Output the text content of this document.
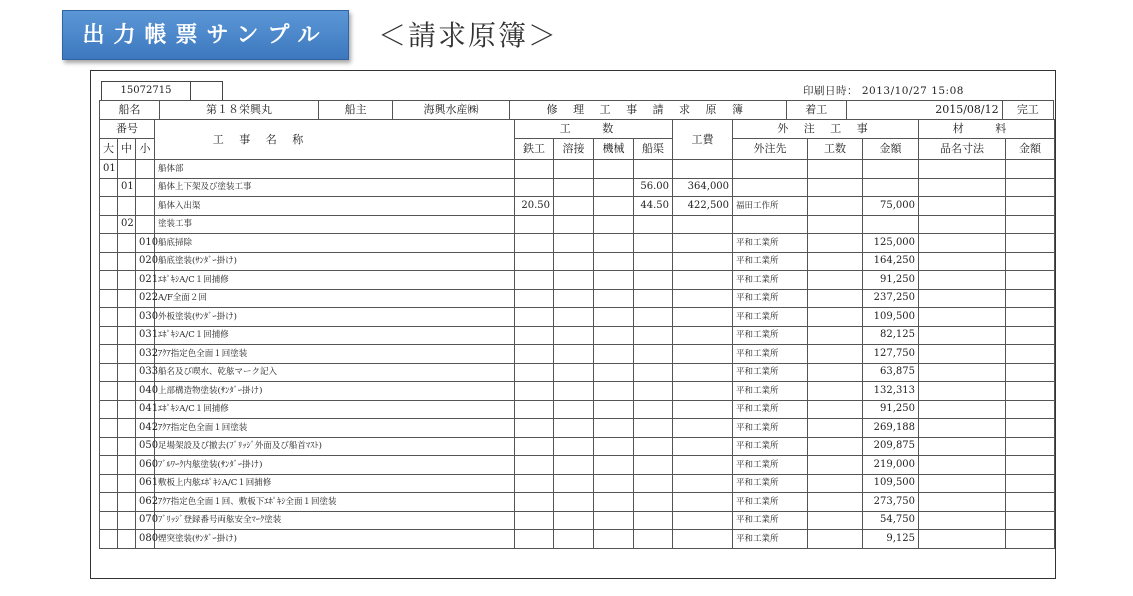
出力帳票サンプル	＜請求原簿＞
15072715	印刷日時： 2013/10/27 15:08
船名	第１８栄興丸	船主	海興水産㈱	修 理 工 事 請 求 原 簿	着工	2015/08/12	完工
番号			工 事 名 称	工 数				工費	外 注 工 事			材 料	
大	中	小		鉄工	溶接	機械	船渠		外注先	工数	金額	品名寸法	金額
01			船体部										
	01		船体上下架及び塗装工事				56.00	364,000					
			船体入出渠	20.50			44.50	422,500	福田工作所		75,000		
	02		塗装工事										
		010	船底掃除						平和工業所		125,000		
		020	船底塗装(ｻﾝﾀﾞｰ掛け)						平和工業所		164,250		
		021	ｴﾎﾟｷｼA/C１回捕修						平和工業所		91,250		
		022	A/F全面２回						平和工業所		237,250		
		030	外板塗装(ｻﾝﾀﾞｰ掛け)						平和工業所		109,500		
		031	ｴﾎﾟｷｼA/C１回捕修						平和工業所		82,125		
		032	ｱｸｱ指定色全面１回塗装						平和工業所		127,750		
		033	船名及び喫水、乾舷マーク記入						平和工業所		63,875		
		040	上部構造物塗装(ｻﾝﾀﾞｰ掛け)						平和工業所		132,313		
		041	ｴﾎﾟｷｼA/C１回捕修						平和工業所		91,250		
		042	ｱｸｱ指定色全面１回塗装						平和工業所		269,188		
		050	足場架設及び撤去(ﾌﾞﾘｯｼﾞ外面及び船首ﾏｽﾄ)						平和工業所		209,875		
		060	ﾌﾞﾙﾜｰｸ内舷塗装(ｻﾝﾀﾞｰ掛け)						平和工業所		219,000		
		061	敷板上内舷ｴﾎﾟｷｼA/C１回捕修						平和工業所		109,500		
		062	ｱｸｱ指定色全面１回、敷板下ｴﾎﾟｷｼ全面１回塗装						平和工業所		273,750		
		070	ﾌﾞﾘｯｼﾞ登録番号両舷安全ﾏｰｸ塗装						平和工業所		54,750		
		080	煙突塗装(ｻﾝﾀﾞｰ掛け)						平和工業所		9,125		
